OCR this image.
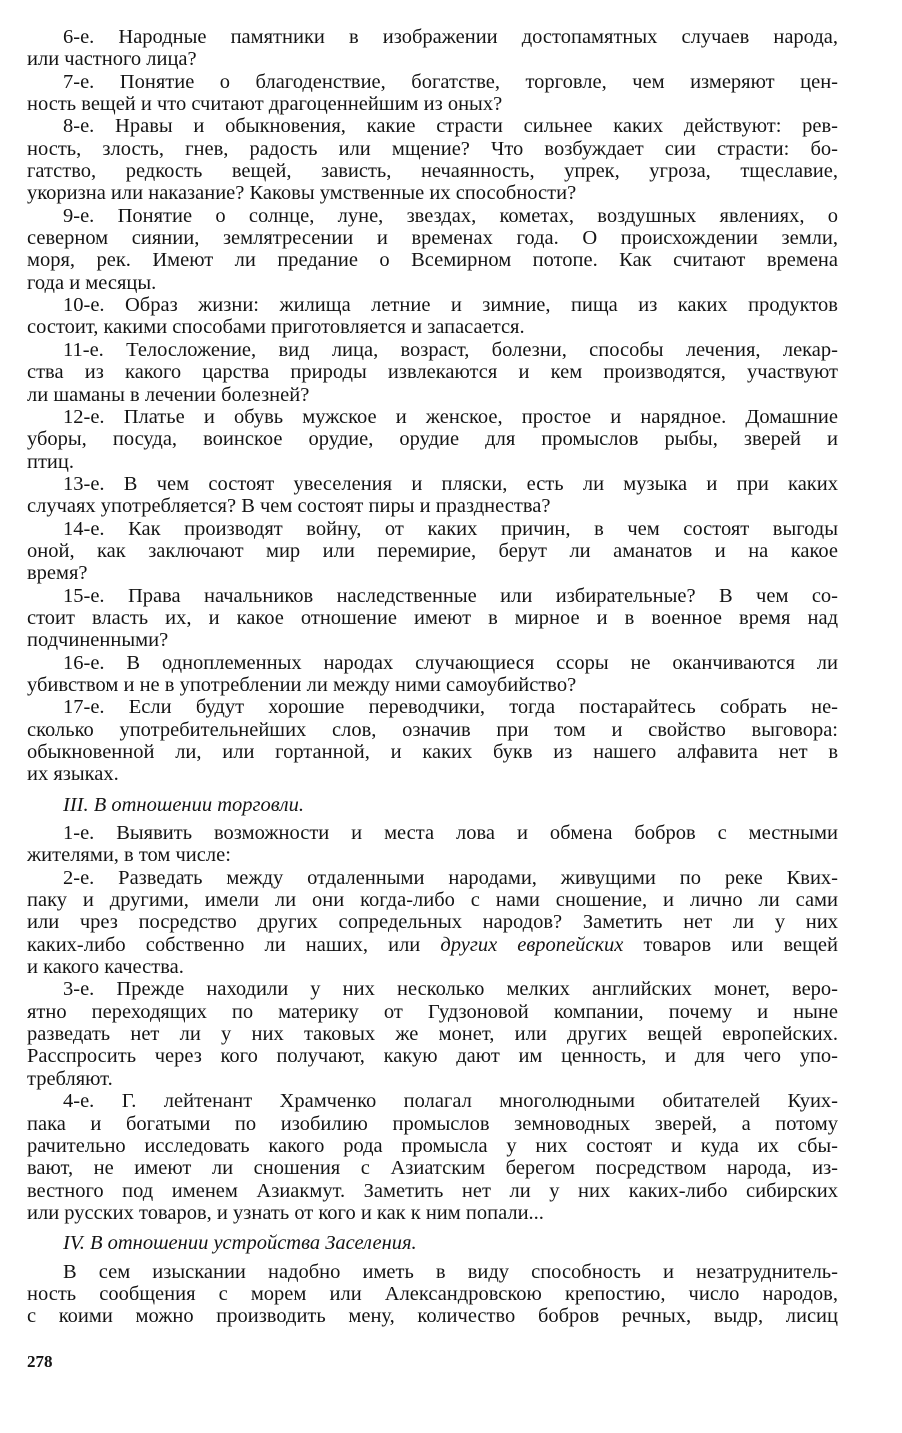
6-е. Народные памятники в изображении достопамятных случаев народа,
или частного лица?
7-е. Понятие о благоденствие, богатстве, торговле, чем измеряют цен-
ность вещей и что считают драгоценнейшим из оных?
8-е. Нравы и обыкновения, какие страсти сильнее каких действуют: рев-
ность, злость, гнев, радость или мщение? Что возбуждает сии страсти: бо-
гатство, редкость вещей, зависть, нечаянность, упрек, угроза, тщеславие,
укоризна или наказание? Каковы умственные их способности?
9-е. Понятие о солнце, луне, звездах, кометах, воздушных явлениях, о
северном сиянии, землятресении и временах года. О происхождении земли,
моря, рек. Имеют ли предание о Всемирном потопе. Как считают времена
года и месяцы.
10-е. Образ жизни: жилища летние и зимние, пища из каких продуктов
состоит, какими способами приготовляется и запасается.
11-е. Телосложение, вид лица, возраст, болезни, способы лечения, лекар-
ства из какого царства природы извлекаются и кем производятся, участвуют
ли шаманы в лечении болезней?
12-е. Платье и обувь мужское и женское, простое и нарядное. Домашние
уборы, посуда, воинское орудие, орудие для промыслов рыбы, зверей и
птиц.
13-е. В чем состоят увеселения и пляски, есть ли музыка и при каких
случаях употребляется? В чем состоят пиры и празднества?
14-е. Как производят войну, от каких причин, в чем состоят выгоды
оной, как заключают мир или перемирие, берут ли аманатов и на какое
время?
15-е. Права начальников наследственные или избирательные? В чем со-
стоит власть их, и какое отношение имеют в мирное и в военное время над
подчиненными?
16-е. В одноплеменных народах случающиеся ссоры не оканчиваются ли
убивством и не в употреблении ли между ними самоубийство?
17-е. Если будут хорошие переводчики, тогда постарайтесь собрать не-
сколько употребительнейших слов, означив при том и свойство выговора:
обыкновенной ли, или гортанной, и каких букв из нашего алфавита нет в
их языках.
III. В отношении торговли.
1-е. Выявить возможности и места лова и обмена бобров с местными
жителями, в том числе:
2-е. Разведать между отдаленными народами, живущими по реке Квих-
паку и другими, имели ли они когда-либо с нами сношение, и лично ли сами
или чрез посредство других сопредельных народов? Заметить нет ли у них
каких-либо собственно ли наших, или других европейских товаров или вещей
и какого качества.
3-е. Прежде находили у них несколько мелких английских монет, веро-
ятно переходящих по материку от Гудзоновой компании, почему и ныне
разведать нет ли у них таковых же монет, или других вещей европейских.
Расспросить через кого получают, какую дают им ценность, и для чего упо-
требляют.
4-е. Г. лейтенант Храмченко полагал многолюдными обитателей Куих-
пака и богатыми по изобилию промыслов земноводных зверей, а потому
рачительно исследовать какого рода промысла у них состоят и куда их сбы-
вают, не имеют ли сношения с Азиатским берегом посредством народа, из-
вестного под именем Азиакмут. Заметить нет ли у них каких-либо сибирских
или русских товаров, и узнать от кого и как к ним попали...
IV. В отношении устройства Заселения.
В сем изыскании надобно иметь в виду способность и незатруднитель-
ность сообщения с морем или Александровскою крепостию, число народов,
с коими можно производить мену, количество бобров речных, выдр, лисиц
278
